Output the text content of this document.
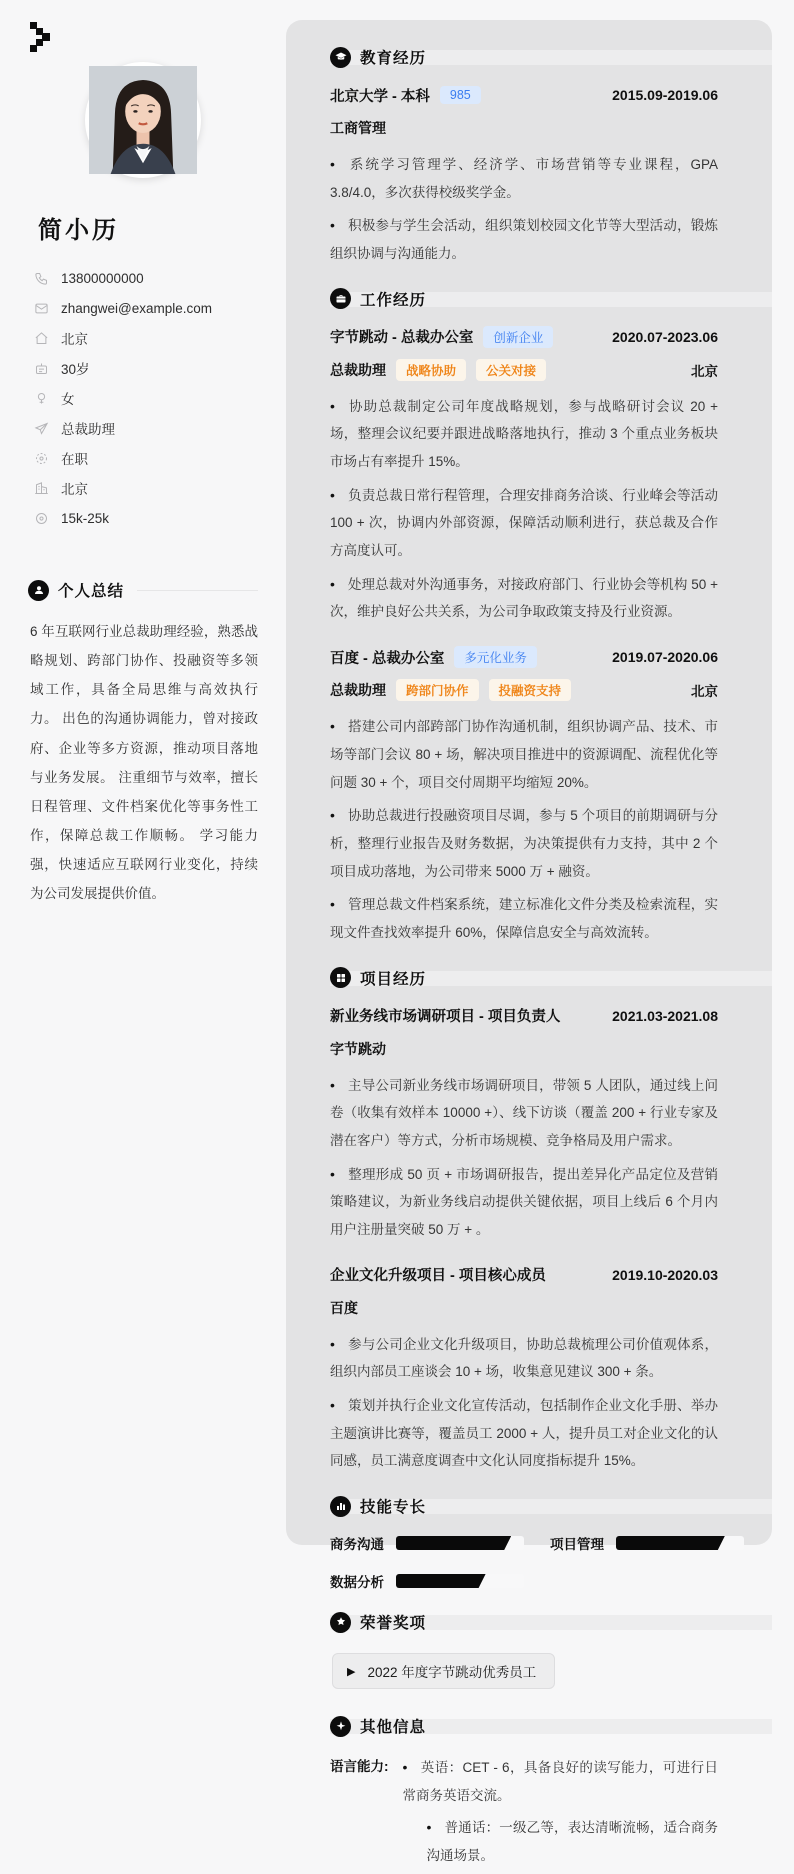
简小历
13800000000
zhangwei@example.com
北京
30岁
女
总裁助理
在职
北京
15k-25k
个人总结

6 年互联网行业总裁助理经验，熟悉战略规划、跨部门协作、投融资等多领域工作，具备全局思维与高效执行力。 出色的沟通协调能力，曾对接政府、企业等多方资源，推动项目落地与业务发展。 注重细节与效率，擅长日程管理、文件档案优化等事务性工作，保障总裁工作顺畅。 学习能力强，快速适应互联网行业变化，持续为公司发展提供价值。

教育经历
北京大学 - 本科	985	2015.09-2019.06
工商管理

• 系统学习管理学、经济学、市场营销等专业课程，GPA 3.8/4.0，多次获得校级奖学金。

• 积极参与学生会活动，组织策划校园文化节等大型活动，锻炼组织协调与沟通能力。

工作经历
字节跳动 - 总裁办公室	创新企业	2020.07-2023.06
总裁助理	战略协助	公关对接	北京

• 协助总裁制定公司年度战略规划，参与战略研讨会议 20 + 场，整理会议纪要并跟进战略落地执行，推动 3 个重点业务板块市场占有率提升 15%。

• 负责总裁日常行程管理，合理安排商务洽谈、行业峰会等活动 100 + 次，协调内外部资源，保障活动顺利进行，获总裁及合作方高度认可。

• 处理总裁对外沟通事务，对接政府部门、行业协会等机构 50 + 次，维护良好公共关系，为公司争取政策支持及行业资源。

百度 - 总裁办公室	多元化业务	2019.07-2020.06
总裁助理	跨部门协作	投融资支持	北京

• 搭建公司内部跨部门协作沟通机制，组织协调产品、技术、市场等部门会议 80 + 场，解决项目推进中的资源调配、流程优化等问题 30 + 个，项目交付周期平均缩短 20%。

• 协助总裁进行投融资项目尽调，参与 5 个项目的前期调研与分析，整理行业报告及财务数据，为决策提供有力支持，其中 2 个项目成功落地，为公司带来 5000 万 + 融资。

• 管理总裁文件档案系统，建立标准化文件分类及检索流程，实现文件查找效率提升 60%，保障信息安全与高效流转。

项目经历
新业务线市场调研项目 - 项目负责人	2021.03-2021.08
字节跳动

• 主导公司新业务线市场调研项目，带领 5 人团队，通过线上问卷（收集有效样本 10000 +）、线下访谈（覆盖 200 + 行业专家及潜在客户）等方式，分析市场规模、竞争格局及用户需求。

• 整理形成 50 页 + 市场调研报告，提出差异化产品定位及营销策略建议，为新业务线启动提供关键依据，项目上线后 6 个月内用户注册量突破 50 万 + 。

企业文化升级项目 - 项目核心成员	2019.10-2020.03
百度

• 参与公司企业文化升级项目，协助总裁梳理公司价值观体系，组织内部员工座谈会 10 + 场，收集意见建议 300 + 条。

• 策划并执行企业文化宣传活动，包括制作企业文化手册、举办主题演讲比赛等，覆盖员工 2000 + 人，提升员工对企业文化的认同感，员工满意度调查中文化认同度指标提升 15%。

技能专长
商务沟通	项目管理
数据分析
荣誉奖项
▶ 2022 年度字节跳动优秀员工
其他信息
语言能力:	• 英语：CET - 6，具备良好的读写能力，可进行日常商务英语交流。

• 普通话：一级乙等，表达清晰流畅，适合商务沟通场景。
